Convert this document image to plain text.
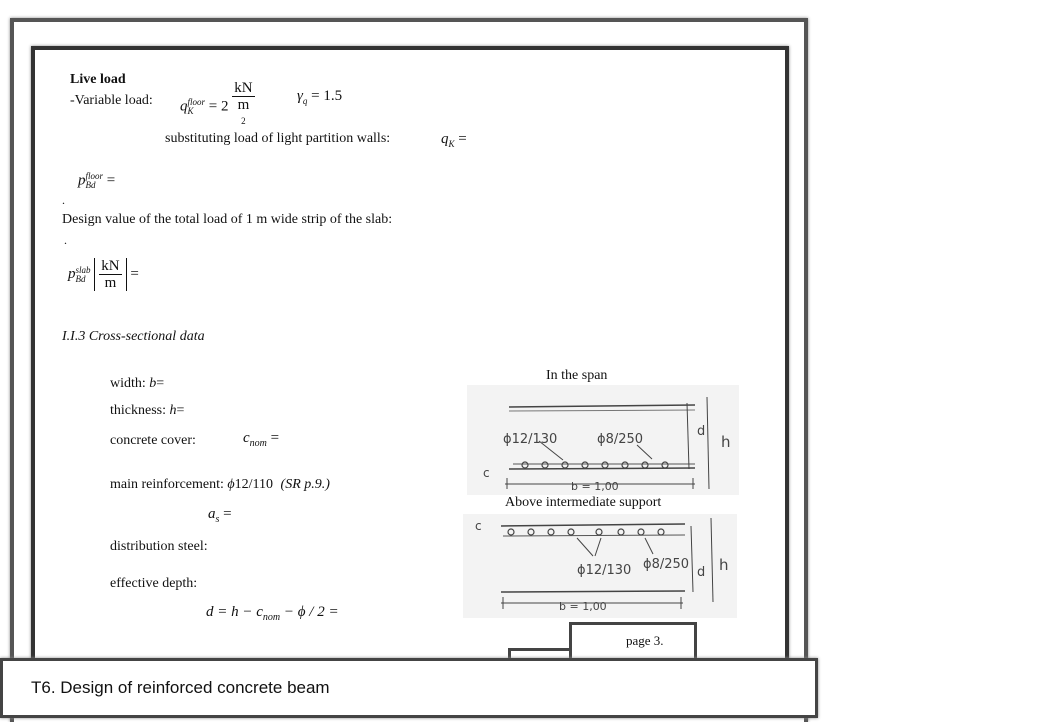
page 3.
T6. Design of reinforced concrete beam
Live load
-Variable load: q floor
K	= 2 kN
m
$^2$	$\gamma_q = 1.5$
substituting load of light partition walls:	$q_K$ =
p floor
Bd =
.
Design value of the total load of 1 m wide strip of the slab:
.
p slab
Bd
$\frac{kN}{m}$ =
I.I.3 Cross-sectional data
width: b=
thickness: h=
concrete cover:	$c_{nom}$ =
main reinforcement: ϕ12/110 (SR p.9.)
$a_s$ =
distribution steel:
effective depth:
$d = h - c_{nom} - \phi / 2$ =
In the span
ϕ12/130	ϕ8/250
c
b = 1,00
d
h
Above intermediate support
ϕ12/130 ϕ8/250
c
b = 1,00
d h
